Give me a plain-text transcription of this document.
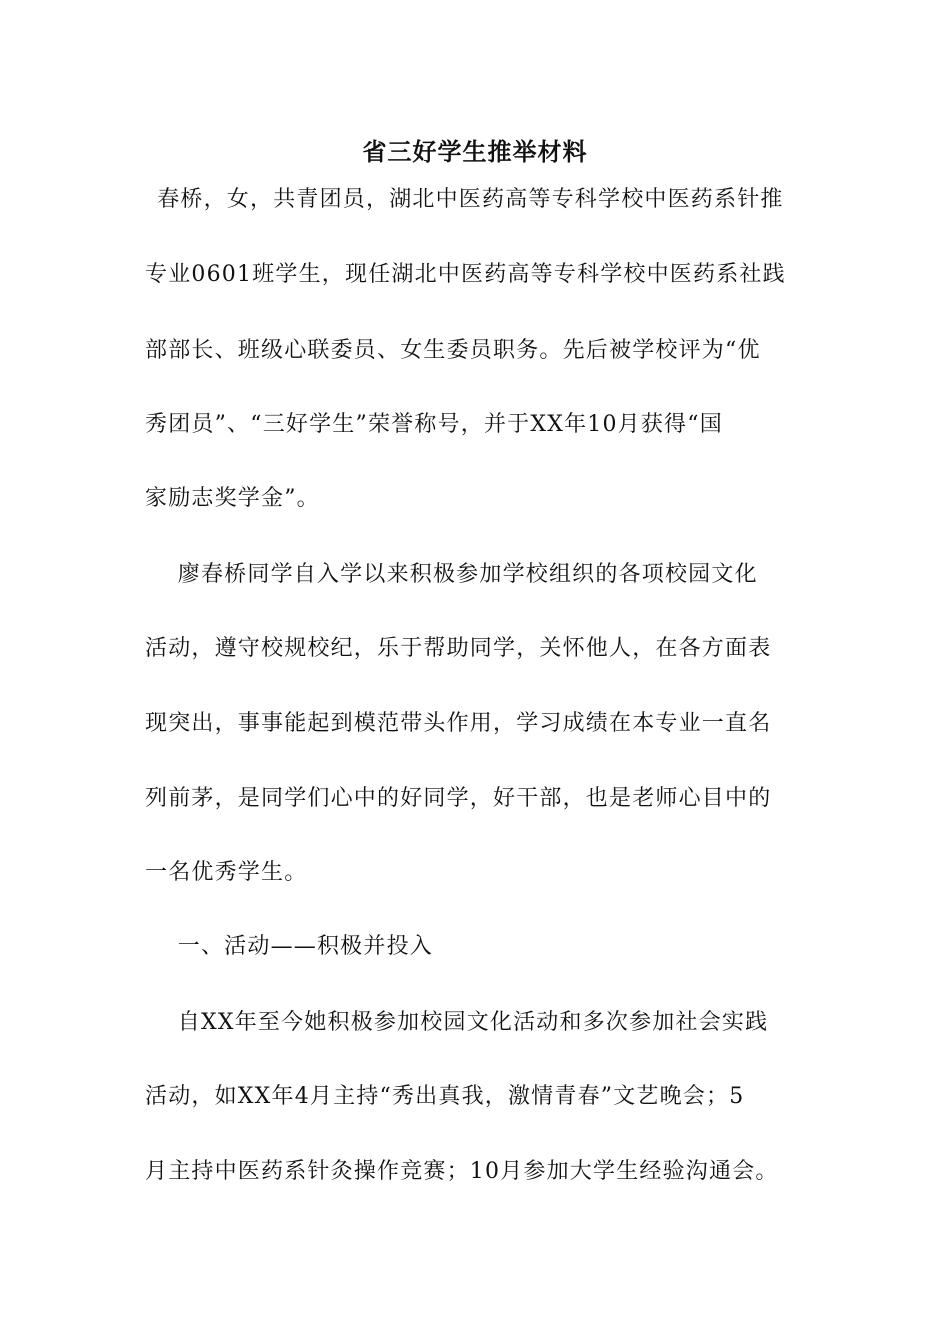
省三好学生推举材料
春桥，女，共青团员，湖北中医药高等专科学校中医药系针推
专业0601班学生，现任湖北中医药高等专科学校中医药系社践
部部长、班级心联委员、女生委员职务。先后被学校评为“优
秀团员”、“三好学生”荣誉称号，并于XX年10月获得“国
家励志奖学金”。
廖春桥同学自入学以来积极参加学校组织的各项校园文化
活动，遵守校规校纪，乐于帮助同学，关怀他人，在各方面表
现突出，事事能起到模范带头作用，学习成绩在本专业一直名
列前茅，是同学们心中的好同学，好干部，也是老师心目中的
一名优秀学生。
一、活动——积极并投入
自XX年至今她积极参加校园文化活动和多次参加社会实践
活动，如XX年4月主持“秀出真我，激情青春”文艺晚会；5
月主持中医药系针灸操作竞赛；10月参加大学生经验沟通会。
